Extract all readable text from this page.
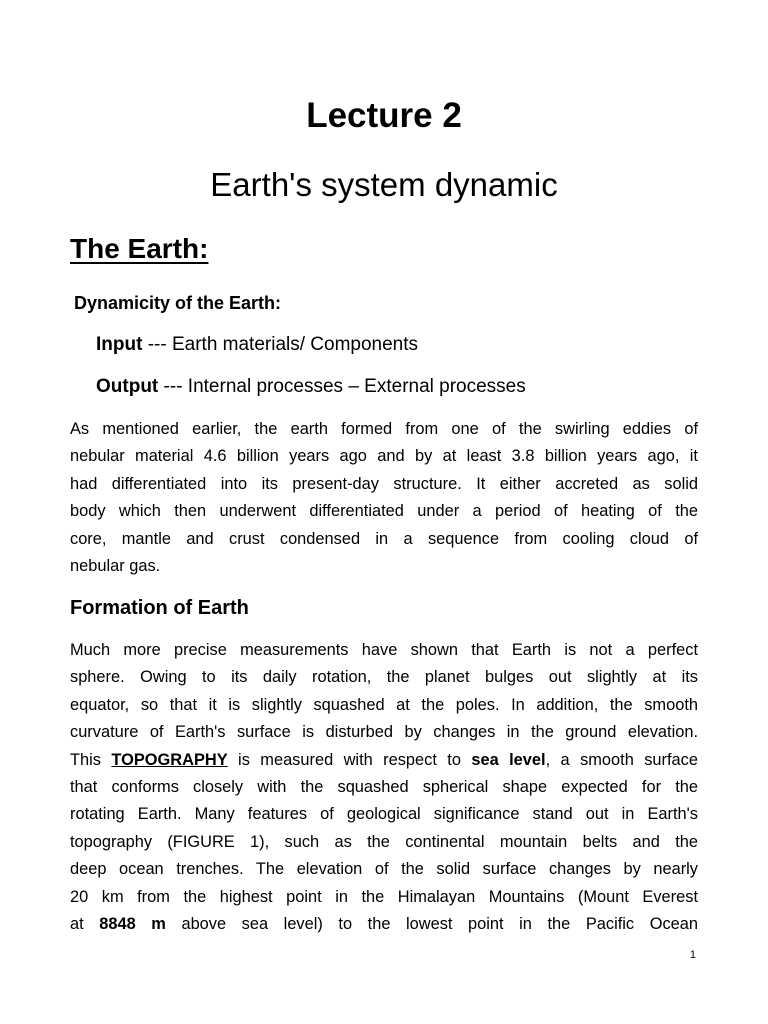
Lecture 2
Earth's system dynamic
The Earth:

Dynamicity of the Earth:

Input --- Earth materials/ Components

Output --- Internal processes – External processes

As mentioned earlier, the earth formed from one of the swirling eddies of
nebular material 4.6 billion years ago and by at least 3.8 billion years ago, it
had differentiated into its present-day structure. It either accreted as solid
body which then underwent differentiated under a period of heating of the
core, mantle and crust condensed in a sequence from cooling cloud of
nebular gas.
Formation of Earth
Much more precise measurements have shown that Earth is not a perfect
sphere. Owing to its daily rotation, the planet bulges out slightly at its
equator, so that it is slightly squashed at the poles. In addition, the smooth
curvature of Earth's surface is disturbed by changes in the ground elevation.
This TOPOGRAPHY is measured with respect to sea level, a smooth surface
that conforms closely with the squashed spherical shape expected for the
rotating Earth. Many features of geological significance stand out in Earth's
topography (FIGURE 1), such as the continental mountain belts and the
deep ocean trenches. The elevation of the solid surface changes by nearly
20 km from the highest point in the Himalayan Mountains (Mount Everest
at 8848 m above sea level) to the lowest point in the Pacific Ocean

1
